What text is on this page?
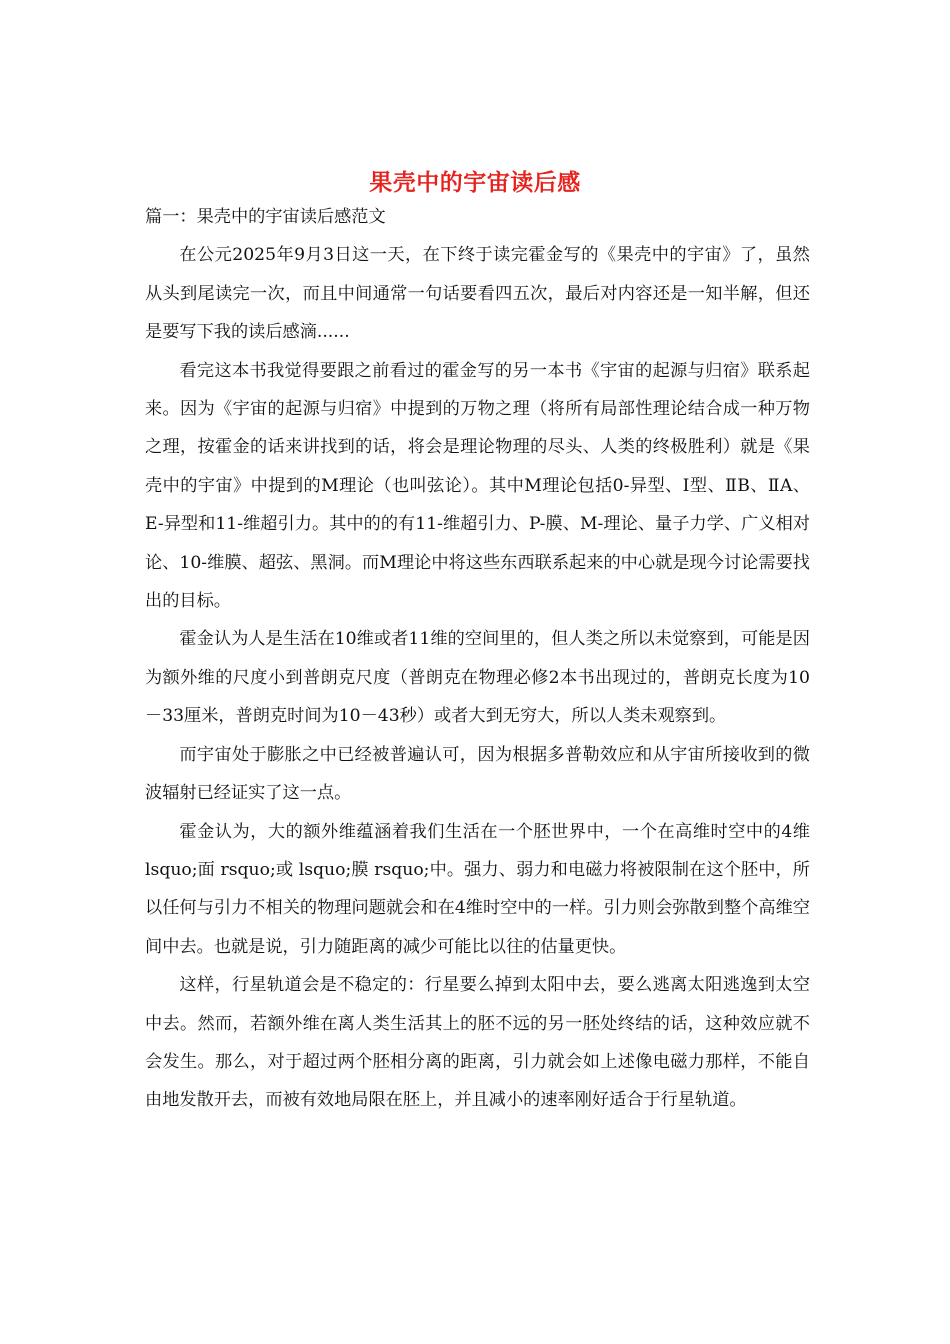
果壳中的宇宙读后感

篇一：果壳中的宇宙读后感范文

在公元2025年9月3日这一天，在下终于读完霍金写的《果壳中的宇宙》了，虽然从头到尾读完一次，而且中间通常一句话要看四五次，最后对内容还是一知半解，但还是要写下我的读后感滴......

看完这本书我觉得要跟之前看过的霍金写的另一本书《宇宙的起源与归宿》联系起来。因为《宇宙的起源与归宿》中提到的万物之理（将所有局部性理论结合成一种万物之理，按霍金的话来讲找到的话，将会是理论物理的尽头、人类的终极胜利）就是《果壳中的宇宙》中提到的M理论（也叫弦论）。其中M理论包括0-异型、Ⅰ型、ⅡB、ⅡA、E-异型和11-维超引力。其中的的有11-维超引力、P-膜、M-理论、量子力学、广义相对论、10-维膜、超弦、黑洞。而M理论中将这些东西联系起来的中心就是现今讨论需要找出的目标。

霍金认为人是生活在10维或者11维的空间里的，但人类之所以未觉察到，可能是因为额外维的尺度小到普朗克尺度（普朗克在物理必修2本书出现过的，普朗克长度为10－33厘米，普朗克时间为10－43秒）或者大到无穷大，所以人类未观察到。

而宇宙处于膨胀之中已经被普遍认可，因为根据多普勒效应和从宇宙所接收到的微波辐射已经证实了这一点。

霍金认为，大的额外维蕴涵着我们生活在一个胚世界中，一个在高维时空中的4维 lsquo;面 rsquo;或 lsquo;膜 rsquo;中。强力、弱力和电磁力将被限制在这个胚中，所以任何与引力不相关的物理问题就会和在4维时空中的一样。引力则会弥散到整个高维空间中去。也就是说，引力随距离的减少可能比以往的估量更快。

这样，行星轨道会是不稳定的：行星要么掉到太阳中去，要么逃离太阳逃逸到太空中去。然而，若额外维在离人类生活其上的胚不远的另一胚处终结的话，这种效应就不会发生。那么，对于超过两个胚相分离的距离，引力就会如上述像电磁力那样，不能自由地发散开去，而被有效地局限在胚上，并且减小的速率刚好适合于行星轨道。
